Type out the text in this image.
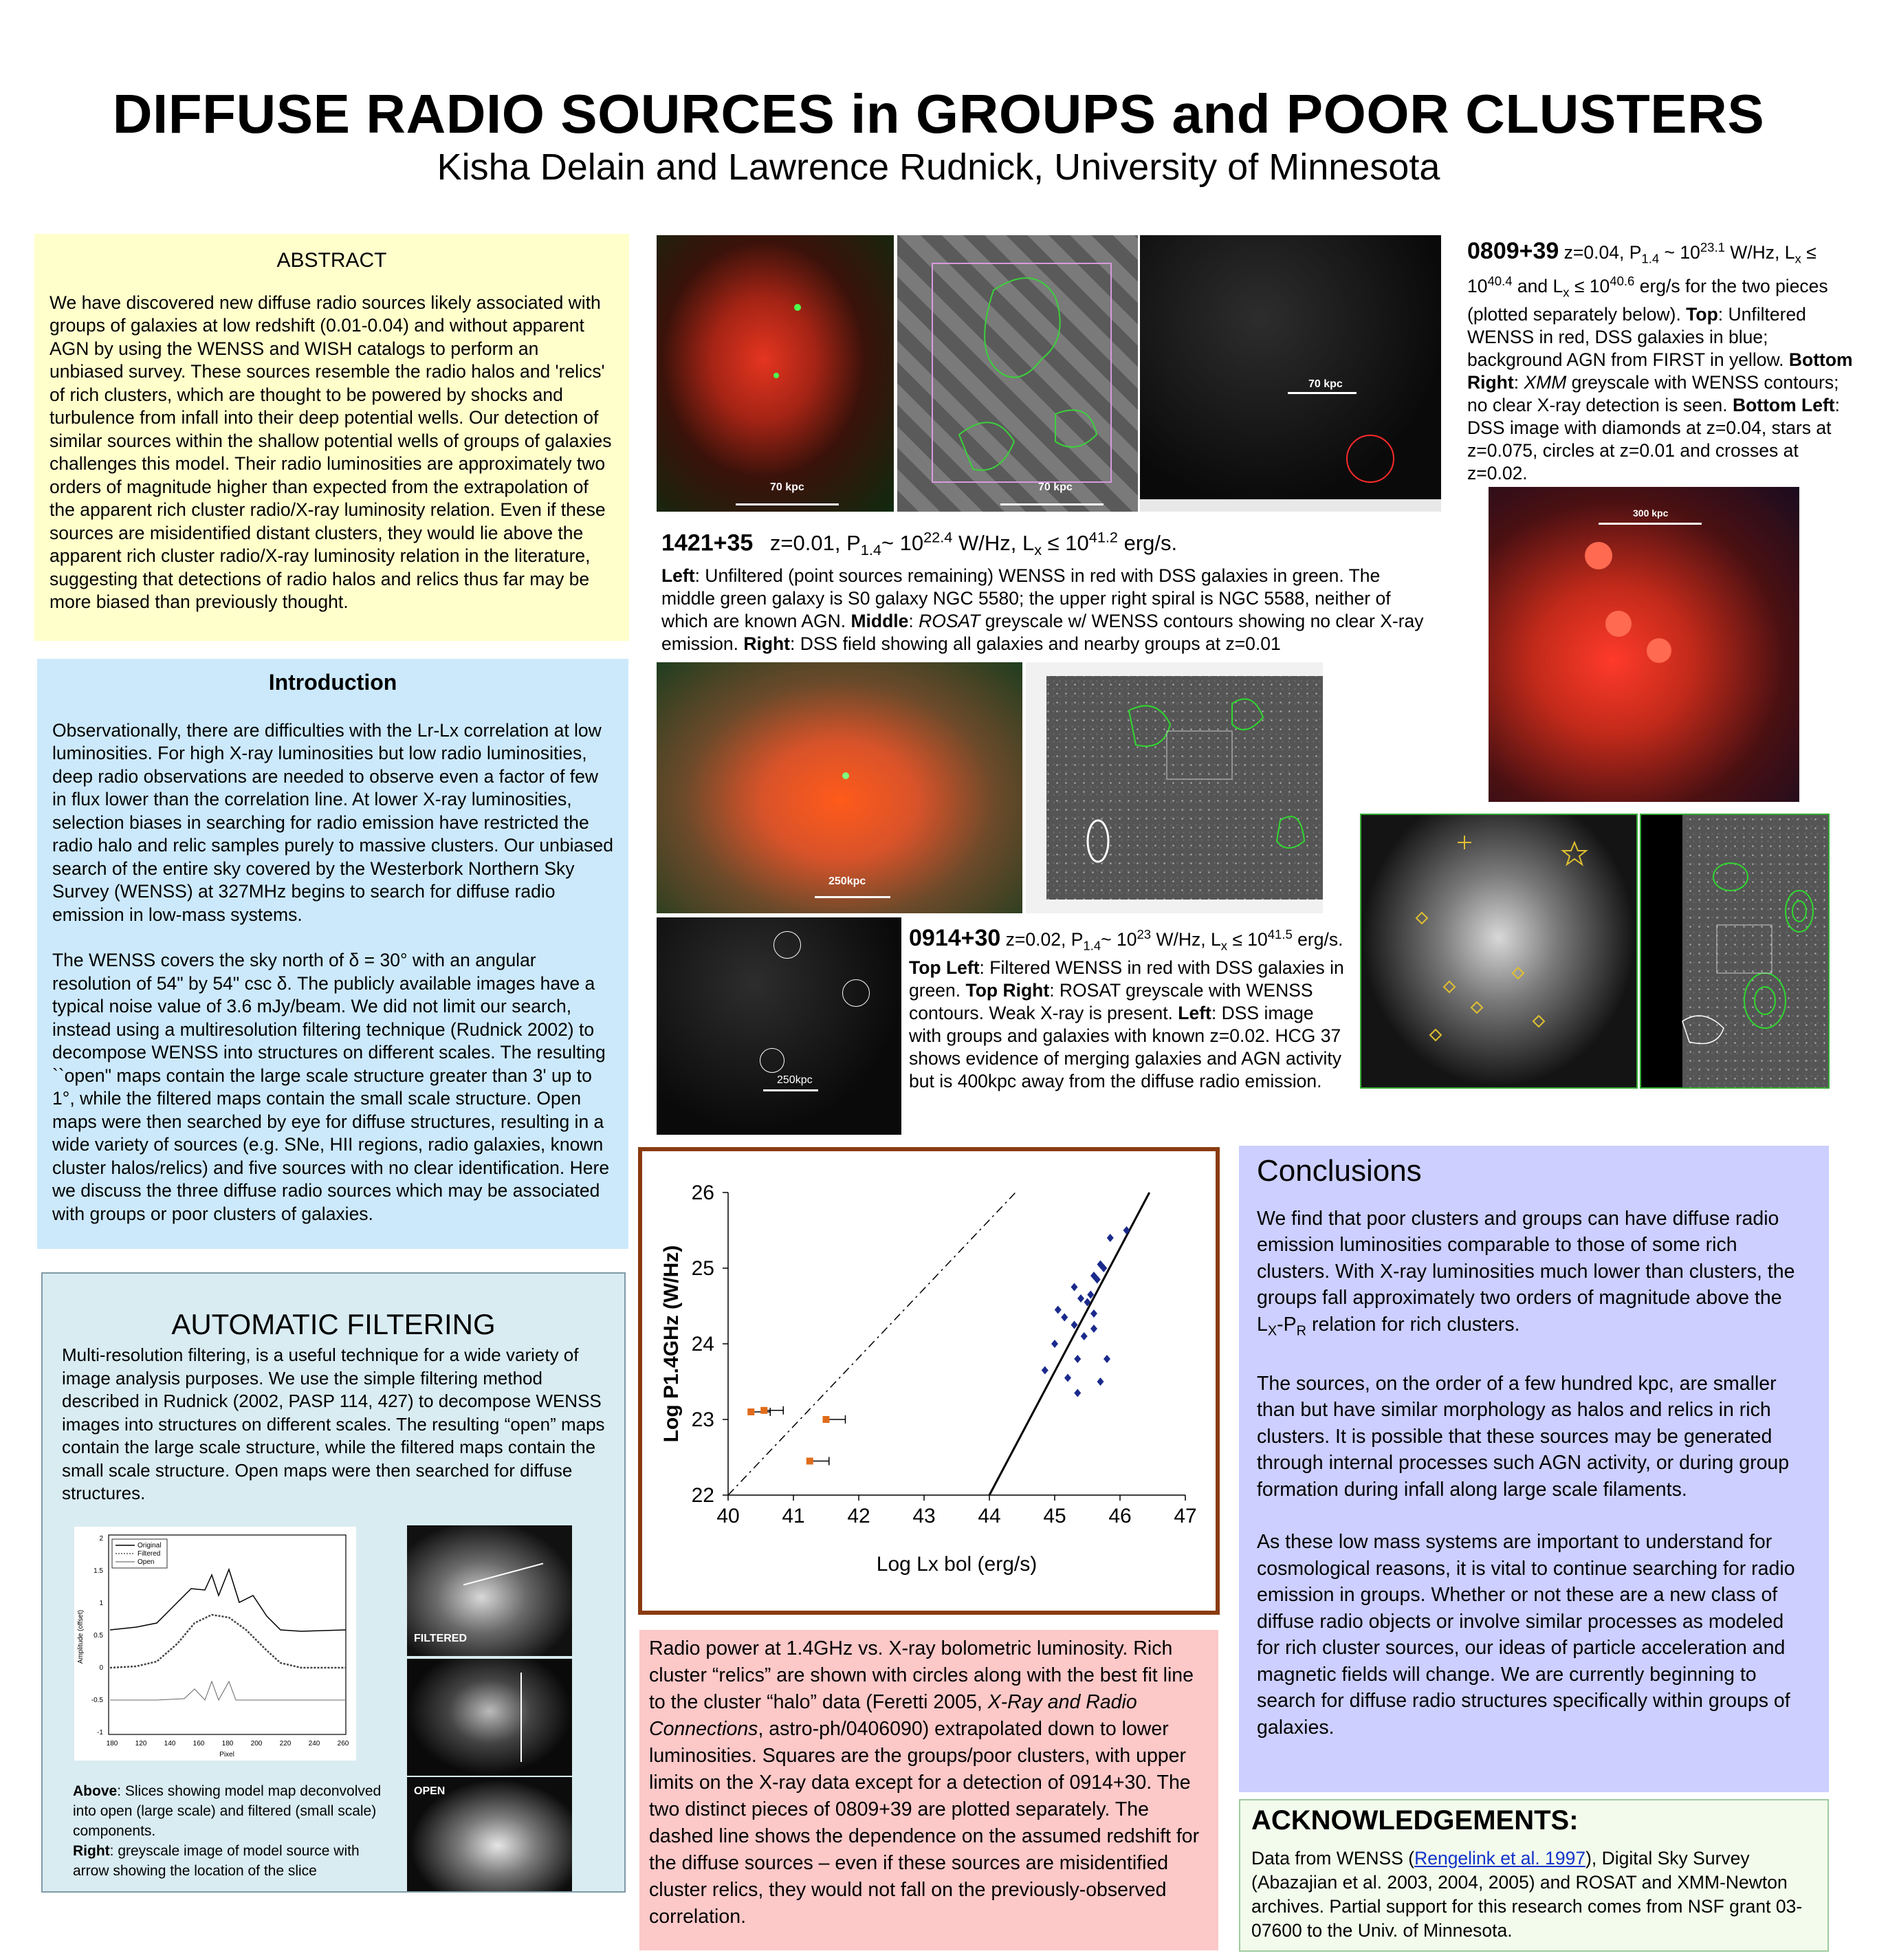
DIFFUSE RADIO SOURCES in GROUPS and POOR CLUSTERS
Kisha Delain and Lawrence Rudnick, University of Minnesota
ABSTRACT

We have discovered new diffuse radio sources likely associated with groups of galaxies at low redshift (0.01-0.04) and without apparent AGN by using the WENSS and WISH catalogs to perform an unbiased survey. These sources resemble the radio halos and 'relics' of rich clusters, which are thought to be powered by shocks and turbulence from infall into their deep potential wells. Our detection of similar sources within the shallow potential wells of groups of galaxies challenges this model. Their radio luminosities are approximately two orders of magnitude higher than expected from the extrapolation of the apparent rich cluster radio/X-ray luminosity relation. Even if these sources are misidentified distant clusters, they would lie above the apparent rich cluster radio/X-ray luminosity relation in the literature, suggesting that detections of radio halos and relics thus far may be more biased than previously thought.

Introduction

Observationally, there are difficulties with the Lr-Lx correlation at low luminosities. For high X-ray luminosities but low radio luminosities, deep radio observations are needed to observe even a factor of few in flux lower than the correlation line. At lower X-ray luminosities, selection biases in searching for radio emission have restricted the radio halo and relic samples purely to massive clusters. Our unbiased search of the entire sky covered by the Westerbork Northern Sky Survey (WENSS) at 327MHz begins to search for diffuse radio emission in low-mass systems.

The WENSS covers the sky north of δ = 30° with an angular resolution of 54" by 54" csc δ. The publicly available images have a typical noise value of 3.6 mJy/beam. We did not limit our search, instead using a multiresolution filtering technique (Rudnick 2002) to decompose WENSS into structures on different scales. The resulting ``open" maps contain the large scale structure greater than 3' up to 1°, while the filtered maps contain the small scale structure. Open maps were then searched by eye for diffuse structures, resulting in a wide variety of sources (e.g. SNe, HII regions, radio galaxies, known cluster halos/relics) and five sources with no clear identification. Here we discuss the three diffuse radio sources which may be associated with groups or poor clusters of galaxies.

AUTOMATIC FILTERING
Multi-resolution filtering, is a useful technique for a wide variety of image analysis purposes. We use the simple filtering method described in Rudnick (2002, PASP 114, 427) to decompose WENSS images into structures on different scales. The resulting “open” maps contain the large scale structure, while the filtered maps contain the small scale structure. Open maps were then searched for diffuse structures.
2
1.5
1
0.5
0
-0.5
-1
180	120	140	160	180	200	220	240	260
Pixel
Amplitude (offset)
Original
Filtered
Open
FILTERED
OPEN
Above: Slices showing model map deconvolved into open (large scale) and filtered (small scale) components.
Right: greyscale image of model source with arrow showing the location of the slice
70 kpc	70 kpc
70 kpc
1421+35 z=0.01, $P_{1.4}\sim$ $10^{22.4}$ W/Hz, $L_x \le 10^{41.2}$ erg/s.
Left: Unfiltered (point sources remaining) WENSS in red with DSS galaxies in green. The middle green galaxy is S0 galaxy NGC 5580; the upper right spiral is NGC 5588, neither of which are known AGN. Middle: ROSAT greyscale w/ WENSS contours showing no clear X-ray emission. Right: DSS field showing all galaxies and nearby groups at z=0.01
250kpc
250kpc
0914+30 z=0.02, $P_{1.4}\sim$ $10^{23}$ W/Hz, $L_x \le 10^{41.5}$ erg/s. Top Left: Filtered WENSS in red with DSS galaxies in green. Top Right: ROSAT greyscale with WENSS contours. Weak X-ray is present. Left: DSS image with groups and galaxies with known z=0.02. HCG 37 shows evidence of merging galaxies and AGN activity but is 400kpc away from the diffuse radio emission.
0809+39 z=0.04, $P_{1.4}$ ~ $10^{23.1}$ W/Hz, $L_x \le 10^{40.4}$ and $L_x \le 10^{40.6}$ erg/s for the two pieces (plotted separately below). Top: Unfiltered WENSS in red, DSS galaxies in blue; background AGN from FIRST in yellow. Bottom Right: XMM greyscale with WENSS contours; no clear X-ray detection is seen. Bottom Left: DSS image with diamonds at z=0.04, stars at z=0.075, circles at z=0.01 and crosses at z=0.02.
300 kpc
40 41 42 43 44 45 46 47
22
23
24
25
26
Log Lx bol (erg/s)
Log P1.4GHz (W/Hz)
Radio power at 1.4GHz vs. X-ray bolometric luminosity. Rich cluster “relics” are shown with circles along with the best fit line to the cluster “halo” data (Feretti 2005, X-Ray and Radio Connections, astro-ph/0406090) extrapolated down to lower luminosities. Squares are the groups/poor clusters, with upper limits on the X-ray data except for a detection of 0914+30. The two distinct pieces of 0809+39 are plotted separately. The dashed line shows the dependence on the assumed redshift for the diffuse sources – even if these sources are misidentified cluster relics, they would not fall on the previously-observed correlation.
Conclusions

We find that poor clusters and groups can have diffuse radio emission luminosities comparable to those of some rich clusters. With X-ray luminosities much lower than clusters, the groups fall approximately two orders of magnitude above the $L_X-P_R$ relation for rich clusters.

The sources, on the order of a few hundred kpc, are smaller than but have similar morphology as halos and relics in rich clusters. It is possible that these sources may be generated through internal processes such AGN activity, or during group formation during infall along large scale filaments.

As these low mass systems are important to understand for cosmological reasons, it is vital to continue searching for radio emission in groups. Whether or not these are a new class of diffuse radio objects or involve similar processes as modeled for rich cluster sources, our ideas of particle acceleration and magnetic fields will change. We are currently beginning to search for diffuse radio structures specifically within groups of galaxies.

ACKNOWLEDGEMENTS:

Data from WENSS (Rengelink et al. 1997), Digital Sky Survey (Abazajian et al. 2003, 2004, 2005) and ROSAT and XMM-Newton archives. Partial support for this research comes from NSF grant 03-07600 to the Univ. of Minnesota.
